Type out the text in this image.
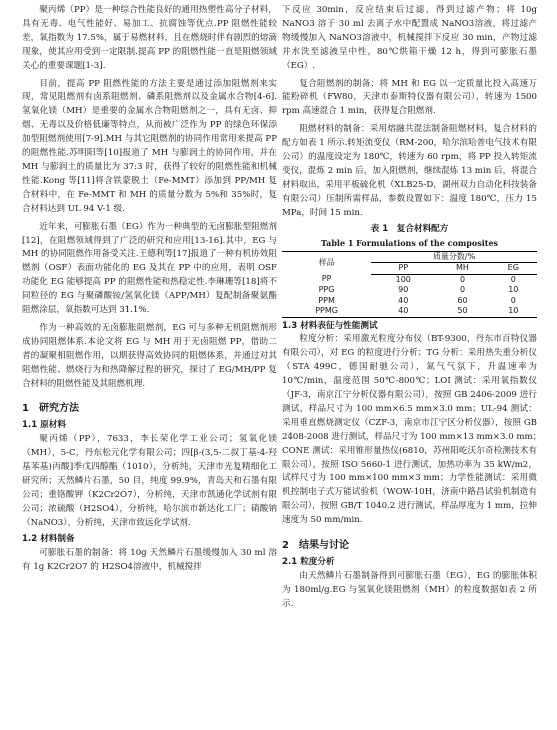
聚丙烯（PP）是一种综合性能良好的通用热塑性高分子材料，具有无毒、电气性能好、易加工、抗腐蚀等优点.PP 阻燃性能较差，氧指数为 17.5%，属于易燃材料，且在燃烧时伴有剧烈的熔滴现象，使其应用受到一定限制.提高 PP 的阻燃性能一直是阻燃领域关心的重要课题[1-3].

目前，提高 PP 阻燃性能的方法主要是通过添加阻燃剂来实现，常见阻燃剂有卤系阻燃剂、磷系阻燃剂以及金属水合物[4-6].氢氧化镁（MH）是重要的金属水合物阻燃剂之一，具有无卤、抑烟、无毒以及价格低廉等特点，从而被广泛作为 PP 的绿色环保添加型阻燃剂使用[7-9].MH 与其它阻燃剂的协同作用常用来提高 PP 的阻燃性能.苏明阳等[10]报道了 MH 与膨润土的协同作用，并在 MH 与膨润土的质量比为 37:3 时，获得了较好的阻燃性能和机械性能.Kong 等[11]将含铁蒙脱土（Fe-MMT）添加到 PP/MH 复合材料中，在 Fe-MMT 和 MH 的质量分数为 5%和 35%时，复合材料达到 UL 94 V-1 级.

近年来，可膨胀石墨（EG）作为一种典型的无卤膨胀型阻燃剂[12]，在阻燃领域得到了广泛的研究和应用[13-16].其中，EG 与 MH 的协同阻燃作用备受关注.王德利等[17]报道了一种有机协效阻燃剂（OSF）表面功能化的 EG 及其在 PP 中的应用，表明 OSF 功能化 EG 能够提高 PP 的阻燃性能和热稳定性.李琳珊等[18]将不同粒径的 EG 与聚磷酸铵/氢氧化镁（APP/MH）复配制备聚氨酯阻燃涂层，氧指数可达到 31.1%.

作为一种高效的无卤膨胀阻燃剂，EG 可与多种无机阻燃剂形成协同阻燃体系.本论文将 EG 与 MH 用于无卤阻燃 PP，借助二者的凝聚相阻燃作用，以期获得高效协同的阻燃体系，并通过对其阻燃性能、燃烧行为和热降解过程的研究，探讨了 EG/MH/PP 复合材料的阻燃性能及其阻燃机理.

1　研究方法
1.1 原材料

聚丙烯（PP），7633，李长荣化学工业公司；氢氧化镁（MH），5-C，丹东松元化学有限公司；四[β-(3,5-二叔丁基-4-羟基苯基)丙酸]季戊四醇酯（1010），分析纯，天津市光复精细化工研究所；天然鳞片石墨，50 目，纯度 99.9%，青岛天和石墨有限公司；重铬酸钾（K2Cr2O7），分析纯，天津市凯通化学试剂有限公司；浓硫酸（H2SO4），分析纯，哈尔滨市新达化工厂；硝酸钠（NaNO3），分析纯，天津市致远化学试剂.

1.2 材料制备

可膨胀石墨的制备：将 10g 天然鳞片石墨缓慢加入 30 ml 溶有 1g K2Cr2O7 的 H2SO4溶液中，机械搅拌

下反应 30min，反应结束后过滤，得到过滤产物；将 10g NaNO3 溶于 30 ml 去离子水中配置成 NaNO3溶液，将过滤产物缓慢加入 NaNO3溶液中，机械搅拌下反应 30 min，产物过滤并水洗至滤液呈中性，80℃烘箱干燥 12 h，得到可膨胀石墨（EG）.

复合阻燃剂的制备：将 MH 和 EG 以一定质量比投入高速万能粉碎机（FW80，天津市泰斯特仪器有限公司），转速为 1500 rpm 高速混合 1 min，获得复合阻燃剂.

阻燃材料的制备：采用熔融共混法制备阻燃材料，复合材料的配方如表 1 所示.转矩流变仪（RM-200，哈尔滨哈普电气技术有限公司）的温度设定为 180℃，转速为 60 rpm，将 PP 投入转矩流变仪，混炼 2 min 后，加入阻燃剂，继续混炼 13 min 后，将混合材料取出，采用平板硫化机（XLB25-D，湖州双力自动化科技装备有限公司）压制所需样品，参数设置如下：温度 180℃，压力 15 MPa，时间 15 min.

表 1　复合材料配方
Table 1 Formulations of the composites
样品	质量分数/%		
	PP	MH	EG
PP	100	0	0
PPG	90	0	10
PPM	40	60	0
PPMG	40	50	10
1.3 材料表征与性能测试

粒度分析：采用激光粒度分布仪（BT-9300，丹东市百特仪器有限公司），对 EG 的粒度进行分析；TG 分析：采用热失重分析仪（STA 499C，德国耐驰公司），氮气气氛下，升温速率为 10℃/min，温度范围 50℃-800℃；LOI 测试：采用氧指数仪（JF-3，南京江宁分析仪器有限公司），按照 GB 2406-2009 进行测试，样品尺寸为 100 mm×6.5 mm×3.0 mm；UL-94 测试：采用垂直燃烧测定仪（CZF-3，南京市江宁区分析仪器），按照 GB 2408-2008 进行测试，样品尺寸为 100 mm×13 mm×3.0 mm；　CONE 测试：采用锥形量热仪(6810，苏州阳屹沃尔奇检测技术有限公司），按照 ISO 5660-1 进行测试，加热功率为 35 kW/m2，试样尺寸为 100 mm×100 mm×3 mm；力学性能测试：采用微机控制电子式万能试验机（WOW-10H，济南中路昌试验机制造有限公司），按照 GB/T 1040.2 进行测试，样品厚度为 1 mm，拉伸速度为 50 mm/min.

2　结果与讨论
2.1 粒度分析

由天然鳞片石墨制备得到可膨胀石墨（EG），EG 的膨胀体积为 180ml/g.EG 与氢氧化镁阻燃剂（MH）的粒度数据如表 2 所示.
